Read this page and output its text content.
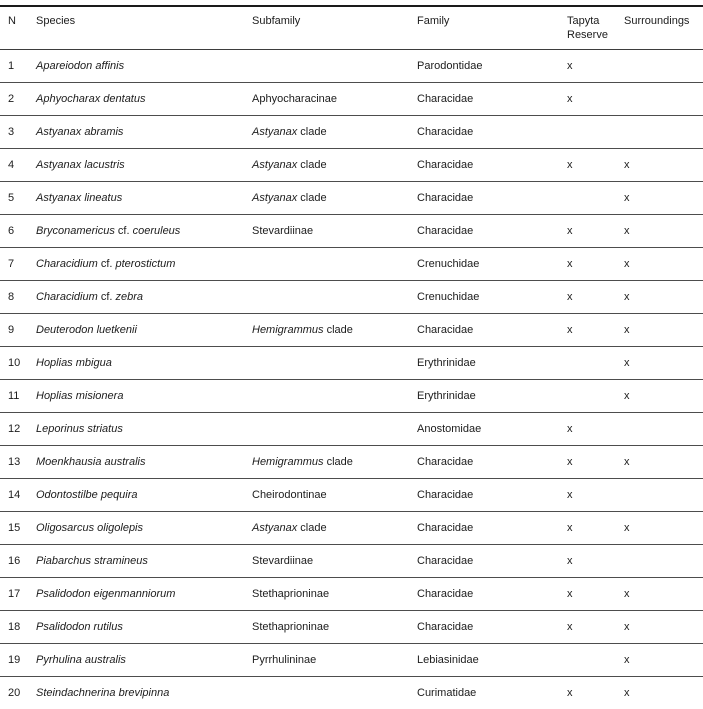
N	Species	Subfamily	Family	Tapyta Reserve	Surroundings
1	Apareiodon affinis		Parodontidae	x	
2	Aphyocharax dentatus	Aphyocharacinae	Characidae	x	
3	Astyanax abramis	Astyanax clade	Characidae		
4	Astyanax lacustris	Astyanax clade	Characidae	x	x
5	Astyanax lineatus	Astyanax clade	Characidae		x
6	Bryconamericus cf. coeruleus	Stevardiinae	Characidae	x	x
7	Characidium cf. pterostictum		Crenuchidae	x	x
8	Characidium cf. zebra		Crenuchidae	x	x
9	Deuterodon luetkenii	Hemigrammus clade	Characidae	x	x
10	Hoplias mbigua		Erythrinidae		x
11	Hoplias misionera		Erythrinidae		x
12	Leporinus striatus		Anostomidae	x	
13	Moenkhausia australis	Hemigrammus clade	Characidae	x	x
14	Odontostilbe pequira	Cheirodontinae	Characidae	x	
15	Oligosarcus oligolepis	Astyanax clade	Characidae	x	x
16	Piabarchus stramineus	Stevardiinae	Characidae	x	
17	Psalidodon eigenmanniorum	Stethaprioninae	Characidae	x	x
18	Psalidodon rutilus	Stethaprioninae	Characidae	x	x
19	Pyrhulina australis	Pyrrhulininae	Lebiasinidae		x
20	Steindachnerina brevipinna		Curimatidae	x	x
